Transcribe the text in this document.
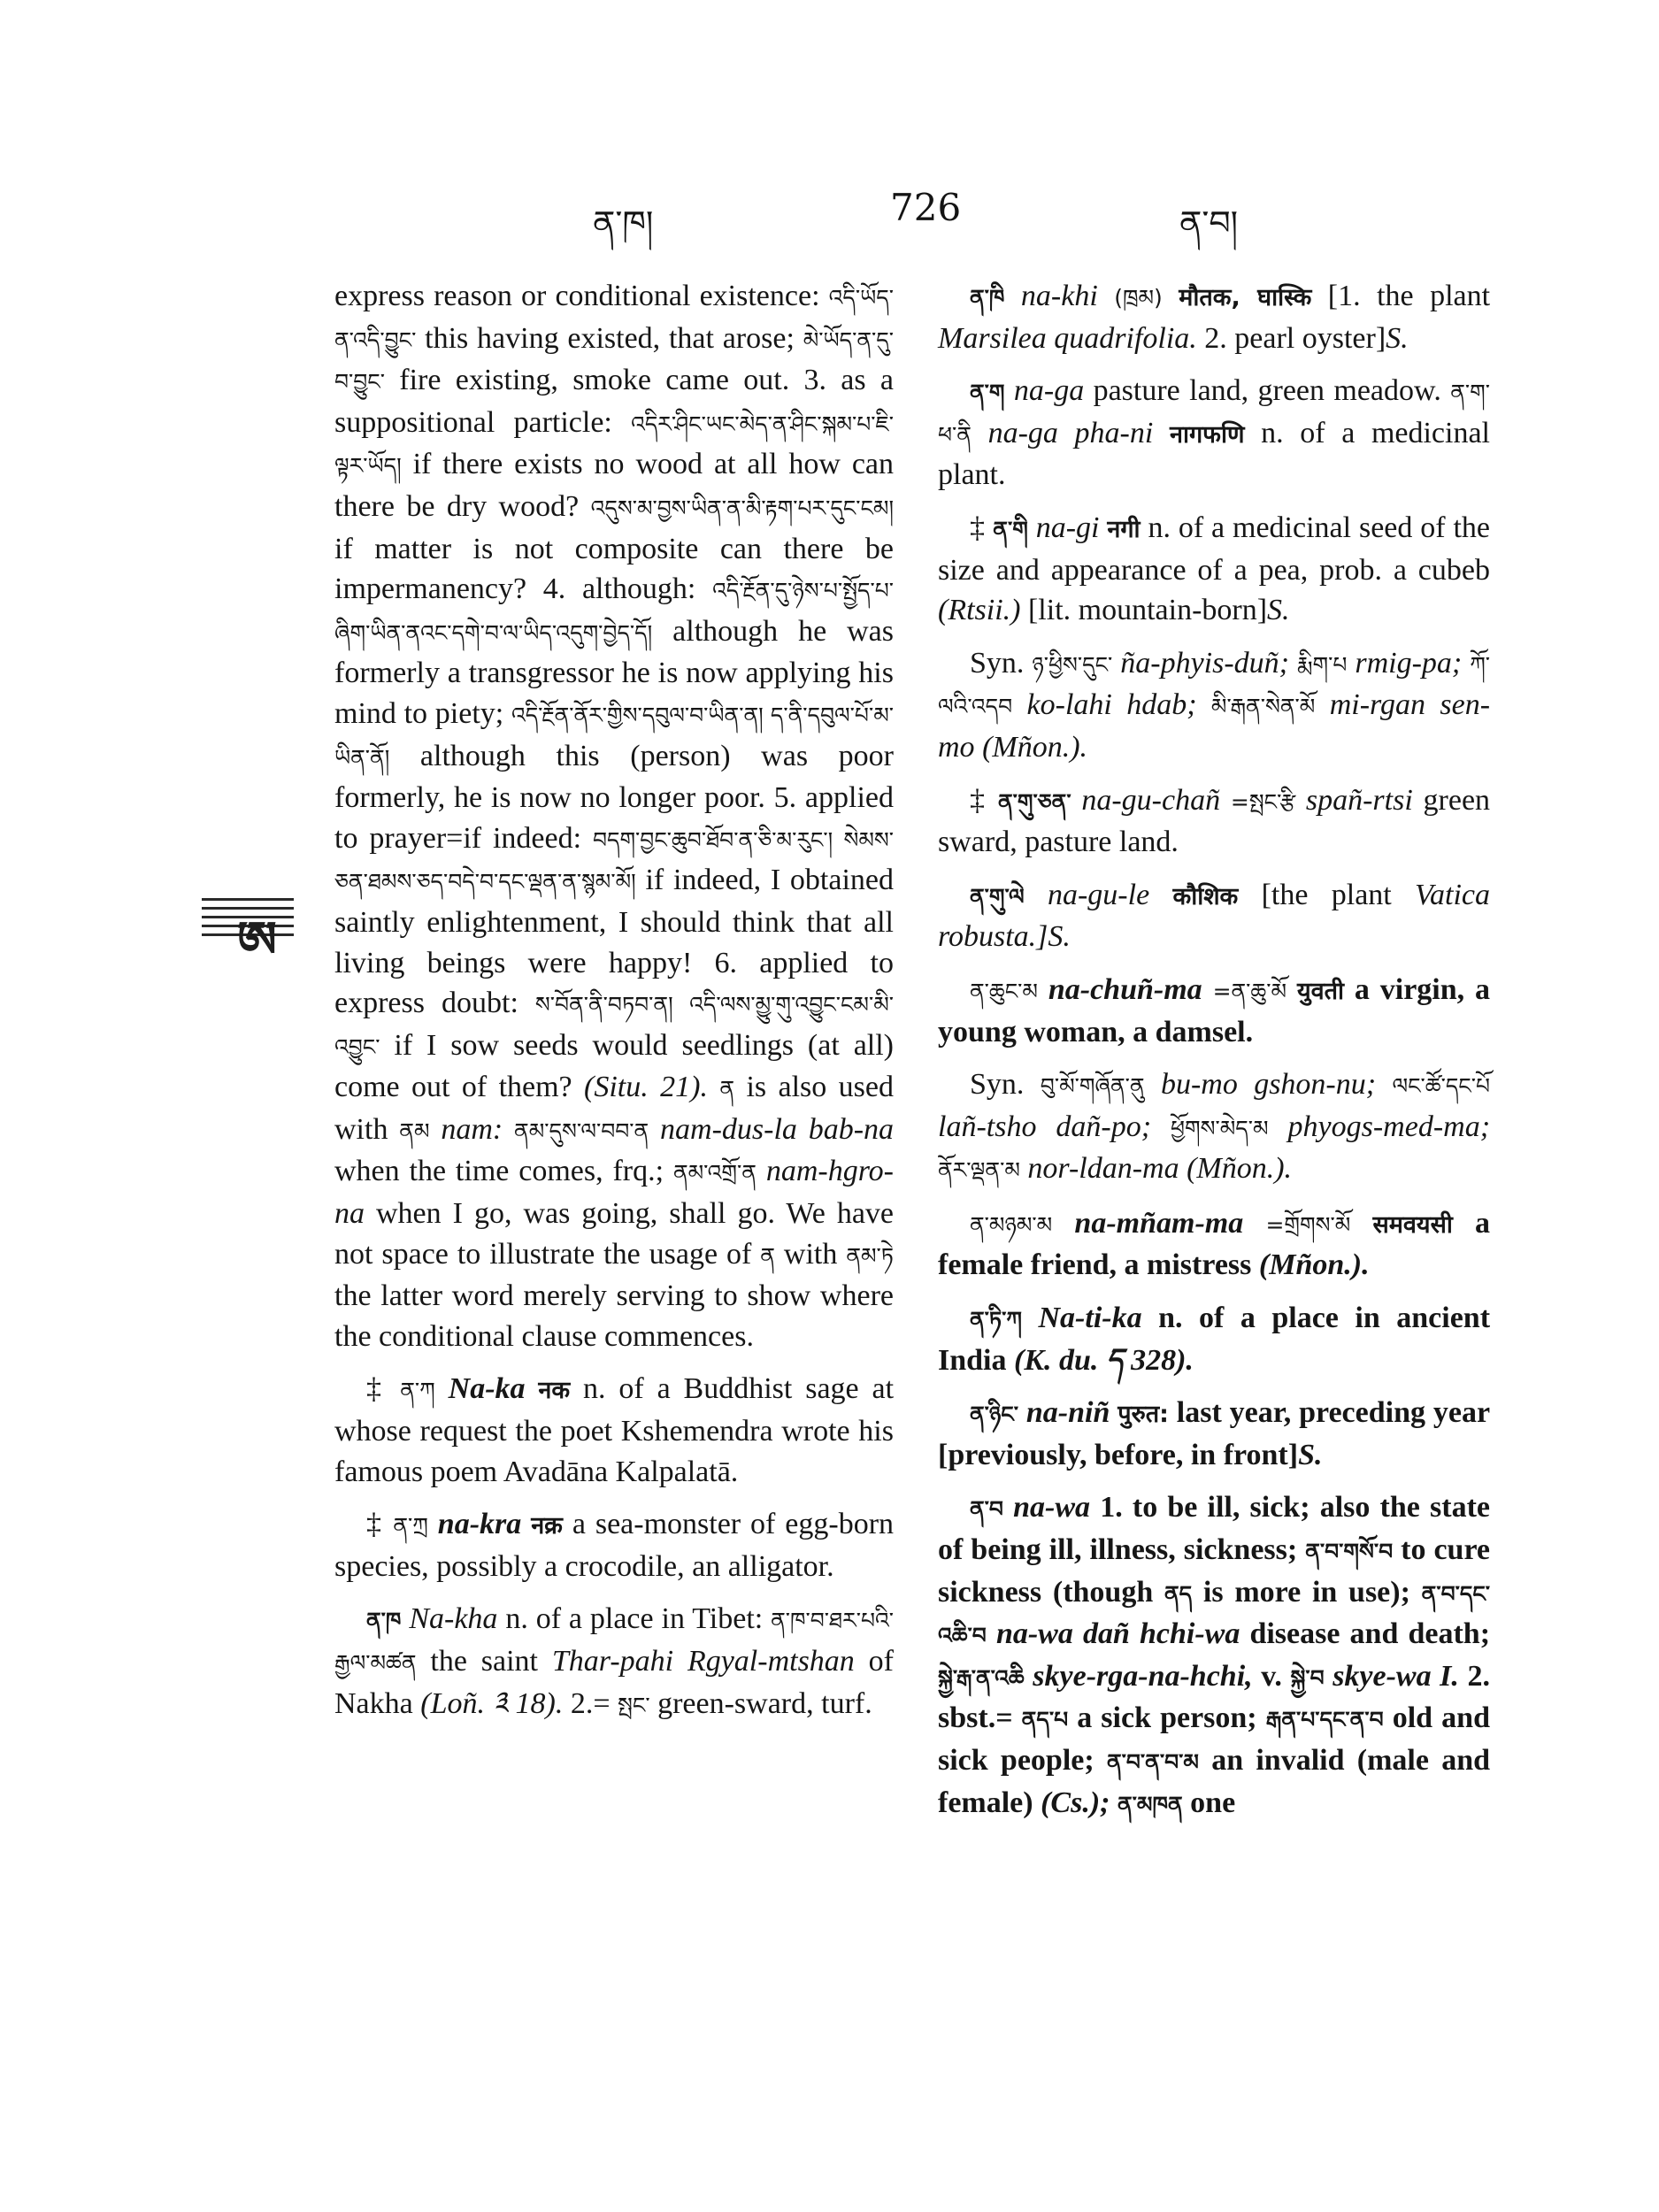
ན་ཁ།	726	ན་བ།
ཨ

express reason or conditional existence: འདི་ཡོད་ན་འདི་བྱུང་ this having existed, that arose; མེ་ཡོད་ན་དུ་བ་བྱུང་ fire existing, smoke came out. 3. as a suppositional particle: འདིར་ཤིང་ཡང་མེད་ན་ཤིང་སྐམ་པ་ཇི་ལྟར་ཡོད། if there exists no wood at all how can there be dry wood? འདུས་མ་བྱས་ཡིན་ན་མི་རྟག་པར་དུང་ངམ། if matter is not composite can there be impermanency? 4. although: འདི་རྔོན་དུ་ཉེས་པ་སྤྱོད་པ་ཞིག་ཡིན་ནའང་དགེ་བ་ལ་ཡིད་འདུག་བྱེད་དོ། although he was formerly a transgressor he is now applying his mind to piety; འདི་རྔོན་ནོར་གྱིས་དབུལ་བ་ཡིན་ན། ད་ནི་དབུལ་པོ་མ་ཡིན་ནོ། although this (person) was poor formerly, he is now no longer poor. 5. applied to prayer=if indeed: བདག་བྱང་ཆུབ་ཐོབ་ན་ཅི་མ་རུང་། སེམས་ཅན་ཐམས་ཅད་བདེ་བ་དང་ལྡན་ན་སྙམ་མོ། if indeed, I obtained saintly enlightenment, I should think that all living beings were happy! 6. applied to express doubt: ས་བོན་ནི་བཏབ་ན། འདི་ལས་མྱུ་གུ་འབྱུང་ངམ་མི་འབྱུང་ if I sow seeds would seedlings (at all) come out of them? (Situ. 21). ན is also used with ནམ nam: ནམ་དུས་ལ་བབ་ན nam-dus-la bab-na when the time comes, frq.; ནམ་འགྲོ་ན nam-hgro-na when I go, was going, shall go. We have not space to illustrate the usage of ན with ནམ་ཏེ the latter word merely serving to show where the conditional clause commences.

‡ ན་ཀ Na-ka नक n. of a Buddhist sage at whose request the poet Kshemendra wrote his famous poem Avadāna Kalpalatā.

‡ ན་ཀྲ na-kra नक्र a sea-monster of egg-born species, possibly a crocodile, an alligator.

ན་ཁ Na-kha n. of a place in Tibet: ན་ཁ་བ་ཐར་པའི་རྒྱལ་མཚན the saint Thar-pahi Rgyal-mtshan of Nakha (Loñ. ༣ 18). 2.= སྤང་ green-sward, turf.

ན་ཁི na-khi (ཁྲམ) मौतक, घास्कि [1. the plant Marsilea quadrifolia. 2. pearl oyster]S.

ན་ག na-ga pasture land, green meadow. ན་ག་ཕ་ནི na-ga pha-ni नागफणि n. of a medicinal plant.

‡ ན་གི na-gi नगी n. of a medicinal seed of the size and appearance of a pea, prob. a cubeb (Rtsii.) [lit. mountain-born]S.

Syn. ཉ་ཕྱིས་དུང་ ña-phyis-duñ; རྨིག་པ rmig-pa; ཀོ་ལའི་འདབ ko-lahi hdab; མི་རྒན་སེན་མོ mi-rgan sen-mo (Mñon.).

‡ ན་གུ་ཅན་ na-gu-chañ =སྤང་རྩི spañ-rtsi green sward, pasture land.

ན་གུ་ལེ na-gu-le कौशिक [the plant Vatica robusta.]S.

ན་ཆུང་མ na-chuñ-ma =ན་ཆུ་མོ युवती a virgin, a young woman, a damsel.

Syn. བུ་མོ་གཞོན་ནུ bu-mo gshon-nu; ལང་ཚོ་དང་པོ lañ-tsho dañ-po; ཕྱོགས་མེད་མ phyogs-med-ma; ནོར་ལྡན་མ nor-ldan-ma (Mñon.).

ན་མཉམ་མ na-mñam-ma =གྲོགས་མོ समवयसी a female friend, a mistress (Mñon.).

ན་ཏི་ཀ Na-ti-ka n. of a place in ancient India (K. du. ད 328).

ན་ཉིང་ na-niñ पुरुत: last year, preceding year [previously, before, in front]S.

ན་བ na-wa 1. to be ill, sick; also the state of being ill, illness, sickness; ན་བ་གསོ་བ to cure sickness (though ནད is more in use); ན་བ་དང་འཆི་བ na-wa dañ hchi-wa disease and death; སྐྱེ་རྒ་ན་འཆི skye-rga-na-hchi, v. སྐྱེ་བ skye-wa I. 2. sbst.= ནད་པ a sick person; རྒན་པ་དང་ན་བ old and sick people; ན་བ་ན་བ་མ an invalid (male and female) (Cs.); ན་མཁན one
